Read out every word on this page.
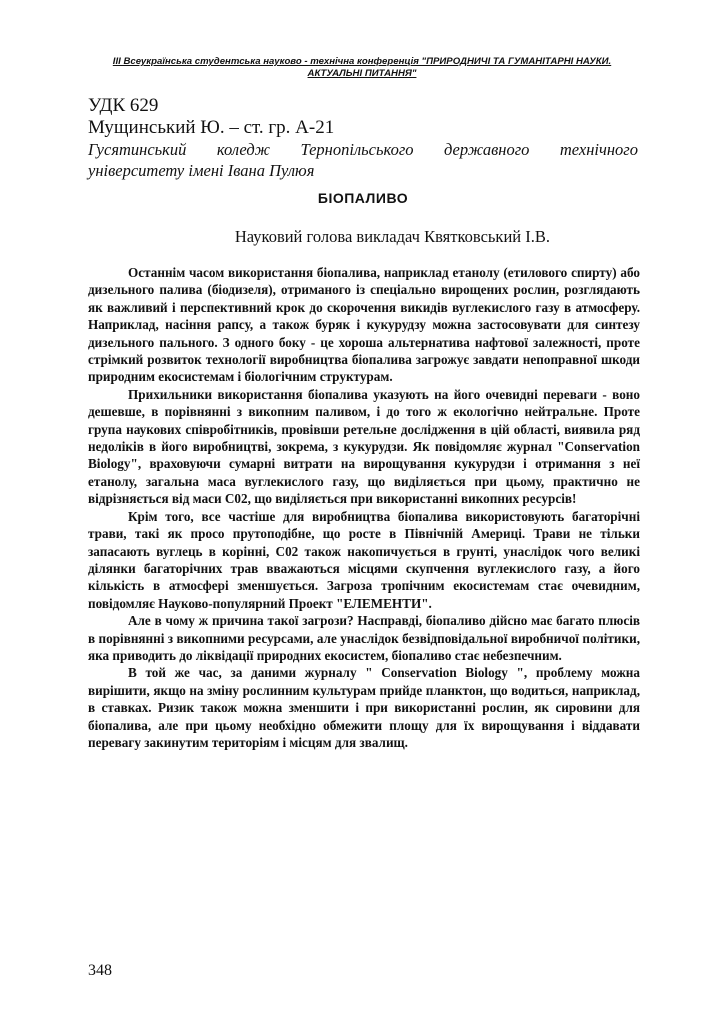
ІІІ Всеукраїнська студентська науково - технічна конференція "ПРИРОДНИЧІ ТА ГУМАНІТАРНІ НАУКИ.
АКТУАЛЬНІ ПИТАННЯ"
УДК 629
Мущинський Ю. – ст. гр. А-21
Гусятинський коледж Тернопільського державного технічного
університету імені Івана Пулюя
БІОПАЛИВО
Науковий голова викладач Квятковський І.В.

Останнім часом використання біопалива, наприклад етанолу (етилового спирту) або дизельного палива (біодизеля), отриманого із спеціально вирощених рослин, розглядають як важливий і перспективний крок до скорочення викидів вуглекислого газу в атмосферу. Наприклад, насіння рапсу, а також буряк і кукурудзу можна застосовувати для синтезу дизельного пального. З одного боку - це хороша альтернатива нафтової залежності, проте стрімкий розвиток технології виробництва біопалива загрожує завдати непоправної шкоди природним екосистемам і біологічним структурам.

Прихильники використання біопалива указують на його очевидні переваги - воно дешевше, в порівнянні з викопним паливом, і до того ж екологічно нейтральне. Проте група наукових співробітників, провівши ретельне дослідження в цій області, виявила ряд недоліків в його виробництві, зокрема, з кукурудзи. Як повідомляє журнал "Conservation Biology", враховуючи сумарні витрати на вирощування кукурудзи і отримання з неї етанолу, загальна маса вуглекислого газу, що виділяється при цьому, практично не відрізняється від маси С02, що виділяється при використанні викопних ресурсів!

Крім того, все частіше для виробництва біопалива використовують багаторічні трави, такі як просо прутоподібне, що росте в Північній Америці. Трави не тільки запасають вуглець в корінні, С02 також накопичується в грунті, унаслідок чого великі ділянки багаторічних трав вважаються місцями скупчення вуглекислого газу, а його кількість в атмосфері зменшується. Загроза тропічним екосистемам стає очевидним, повідомляє Науково-популярний Проект "ЕЛЕМЕНТИ".

Але в чому ж причина такої загрози? Насправді, біопаливо дійсно має багато плюсів в порівнянні з викопними ресурсами, але унаслідок безвідповідальної виробничої політики, яка приводить до ліквідації природних екосистем, біопаливо стає небезпечним.

В той же час, за даними журналу " Conservation Biology ", проблему можна вирішити, якщо на зміну рослинним культурам прийде планктон, що водиться, наприклад, в ставках. Ризик також можна зменшити і при використанні рослин, як сировини для біопалива, але при цьому необхідно обмежити площу для їх вирощування і віддавати перевагу закинутим територіям і місцям для звалищ.

348
